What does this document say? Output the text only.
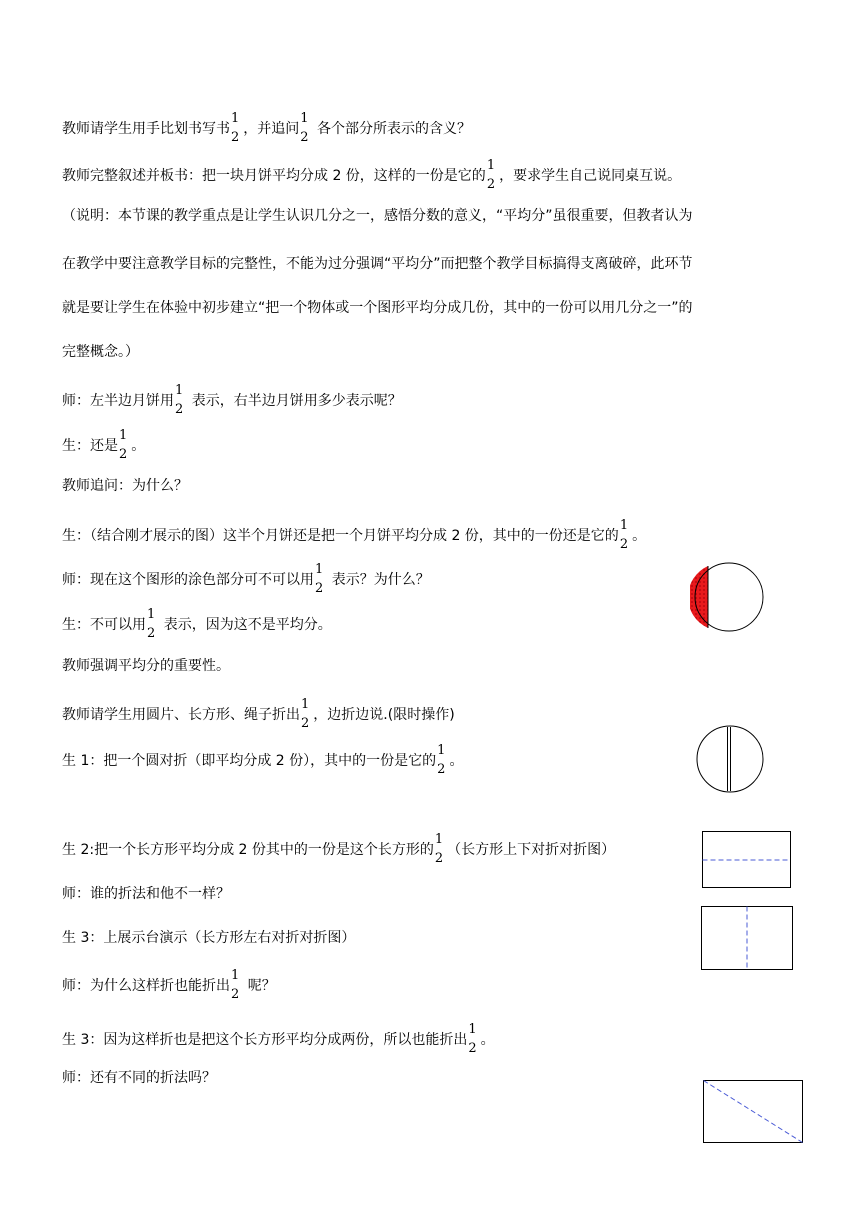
教师请学生用手比划书写书
1
2
，并追问
1
2
各个部分所表示的含义？
教师完整叙述并板书：把一块月饼平均分成 2 份，这样的一份是它的
1
2
，要求学生自己说同桌互说。
（说明：本节课的教学重点是让学生认识几分之一，感悟分数的意义，“平均分”虽很重要，但教者认为
在教学中要注意教学目标的完整性，不能为过分强调“平均分”而把整个教学目标搞得支离破碎，此环节
就是要让学生在体验中初步建立“把一个物体或一个图形平均分成几份，其中的一份可以用几分之一”的
完整概念。）
师：左半边月饼用
1
2
表示，右半边月饼用多少表示呢？
生：还是
1
2
。
教师追问：为什么？
生：（结合刚才展示的图）这半个月饼还是把一个月饼平均分成 2 份，其中的一份还是它的
1
2
。
师：现在这个图形的涂色部分可不可以用
1
2
表示？为什么？
生：不可以用
1
2
表示，因为这不是平均分。
教师强调平均分的重要性。
教师请学生用圆片、长方形、绳子折出
1
2
，边折边说.(限时操作)
生 1：把一个圆对折（即平均分成 2 份），其中的一份是它的
1
2
。
生 2:把一个长方形平均分成 2 份其中的一份是这个长方形的
1
2
（长方形上下对折对折图）
师：谁的折法和他不一样？
生 3：上展示台演示（长方形左右对折对折图）
师：为什么这样折也能折出
1
2
呢？
生 3：因为这样折也是把这个长方形平均分成两份，所以也能折出
1
2
。
师：还有不同的折法吗？
